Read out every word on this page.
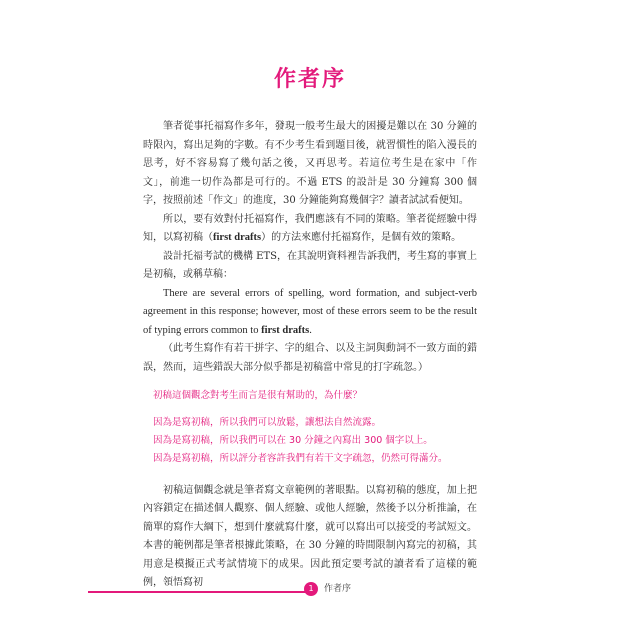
作者序

筆者從事托福寫作多年，發現一般考生最大的困擾是難以在 30 分鐘的時限內，寫出足夠的字數。有不少考生看到題目後，就習慣性的陷入漫長的思考，好不容易寫了幾句話之後，又再思考。若這位考生是在家中「作文」，前進一切作為都是可行的。不過 ETS 的設計是 30 分鐘寫 300 個字，按照前述「作文」的進度，30 分鐘能夠寫幾個字？讀者試試看便知。

所以，要有效對付托福寫作，我們應該有不同的策略。筆者從經驗中得知，以寫初稿（first drafts）的方法來應付托福寫作，是個有效的策略。

設計托福考試的機構 ETS，在其說明資料裡告訴我們，考生寫的事實上是初稿，或稱草稿：

There are several errors of spelling, word formation, and subject-verb agreement in this response; however, most of these errors seem to be the result of typing errors common to first drafts.

（此考生寫作有若干拼字、字的組合、以及主詞與動詞不一致方面的錯誤，然而，這些錯誤大部分似乎都是初稿當中常見的打字疏忽。）

初稿這個觀念對考生而言是很有幫助的，為什麼？

因為是寫初稿，所以我們可以放鬆，讓想法自然流露。
因為是寫初稿，所以我們可以在 30 分鐘之內寫出 300 個字以上。
因為是寫初稿，所以評分者容許我們有若干文字疏忽，仍然可得滿分。

初稿這個觀念就是筆者寫文章範例的著眼點。以寫初稿的態度，加上把內容鎖定在描述個人觀察、個人經驗、或他人經驗，然後予以分析推論，在簡單的寫作大綱下，想到什麼就寫什麼，就可以寫出可以接受的考試短文。本書的範例都是筆者根據此策略，在 30 分鐘的時間限制內寫完的初稿，其用意是模擬正式考試情境下的成果。因此預定要考試的讀者看了這樣的範例，領悟寫初

1	作者序
